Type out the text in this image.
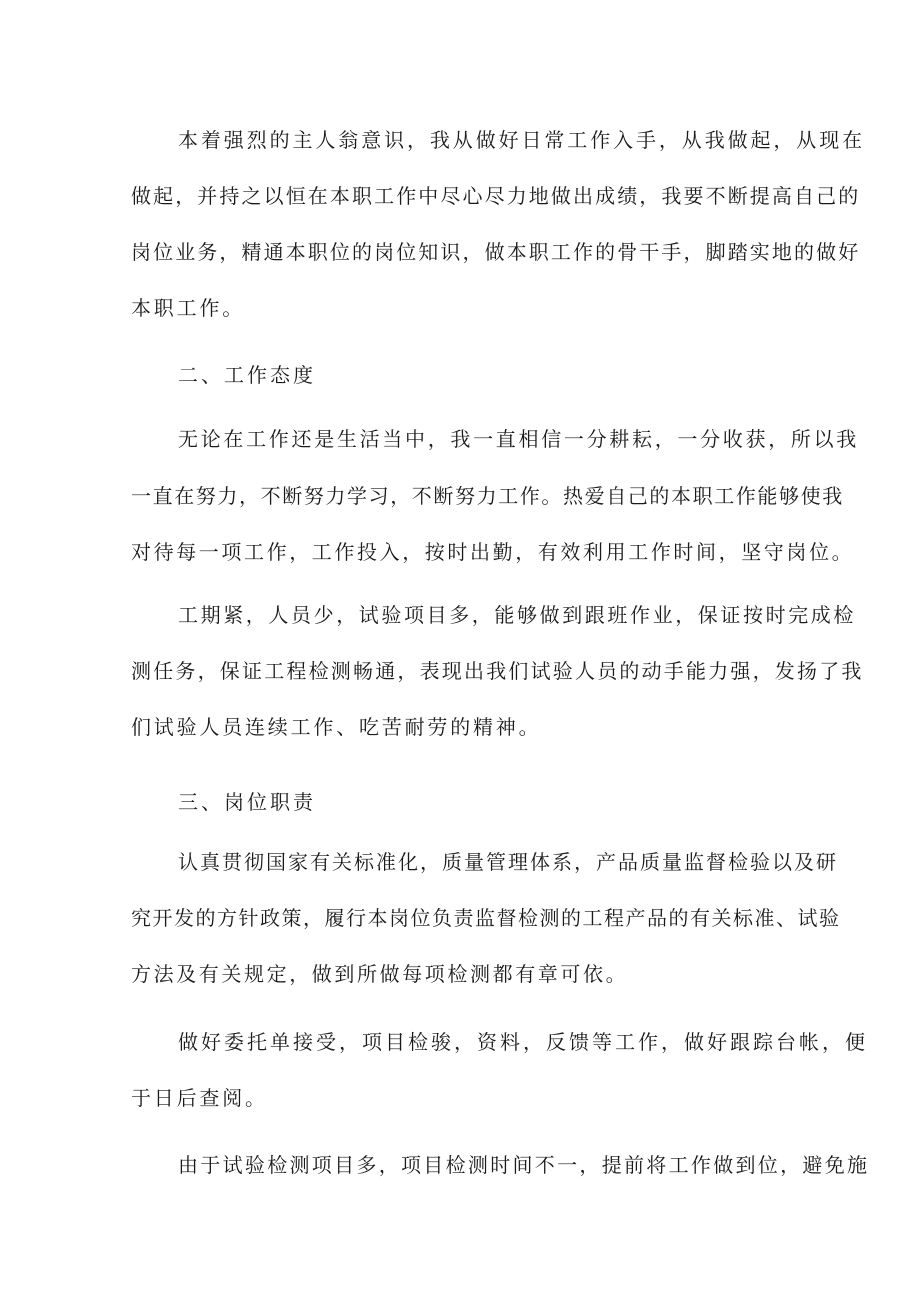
本着强烈的主人翁意识，我从做好日常工作入手，从我做起，从现在
做起，并持之以恒在本职工作中尽心尽力地做出成绩，我要不断提高自己的
岗位业务，精通本职位的岗位知识，做本职工作的骨干手，脚踏实地的做好
本职工作。
二、工作态度
无论在工作还是生活当中，我一直相信一分耕耘，一分收获，所以我
一直在努力，不断努力学习，不断努力工作。热爱自己的本职工作能够使我
对待每一项工作，工作投入，按时出勤，有效利用工作时间，坚守岗位。
工期紧，人员少，试验项目多，能够做到跟班作业，保证按时完成检
测任务，保证工程检测畅通，表现出我们试验人员的动手能力强，发扬了我
们试验人员连续工作、吃苦耐劳的精神。
三、岗位职责
认真贯彻国家有关标准化，质量管理体系，产品质量监督检验以及研
究开发的方针政策，履行本岗位负责监督检测的工程产品的有关标准、试验
方法及有关规定，做到所做每项检测都有章可依。
做好委托单接受，项目检骏，资料，反馈等工作，做好跟踪台帐，便
于日后查阅。
由于试验检测项目多，项目检测时间不一，提前将工作做到位，避免施
